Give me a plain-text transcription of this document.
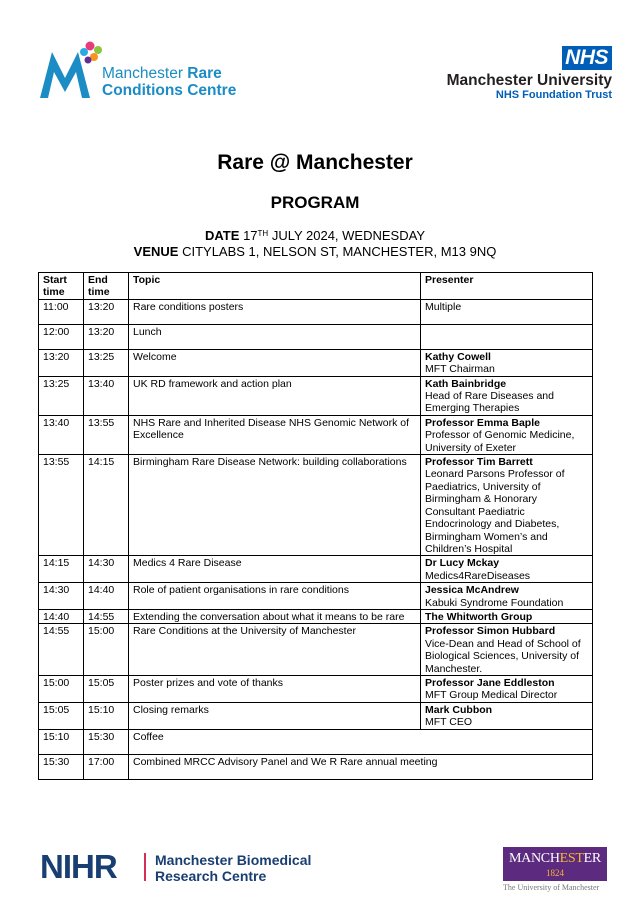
Manchester Rare
Conditions Centre
NHS
Manchester University
NHS Foundation Trust
Rare @ Manchester
PROGRAM
DATE 17TH JULY 2024, WEDNESDAY
VENUE CITYLABS 1, NELSON ST, MANCHESTER, M13 9NQ
Start time	End time	Topic	Presenter
11:00	13:20	Rare conditions posters	Multiple

12:00	13:20	Lunch	
13:20	13:25	Welcome	Kathy Cowell
MFT Chairman

13:25	13:40	UK RD framework and action plan	Kath Bainbridge
Head of Rare Diseases and Emerging Therapies

13:40	13:55	NHS Rare and Inherited Disease NHS Genomic Network of Excellence	Professor Emma Baple
Professor of Genomic Medicine, University of Exeter

13:55	14:15	Birmingham Rare Disease Network: building collaborations	Professor Tim Barrett
Leonard Parsons Professor of Paediatrics, University of Birmingham & Honorary Consultant Paediatric Endocrinology and Diabetes, Birmingham Women’s and Children’s Hospital

14:15	14:30	Medics 4 Rare Disease	Dr Lucy Mckay
Medics4RareDiseases

14:30	14:40	Role of patient organisations in rare conditions	Jessica McAndrew
Kabuki Syndrome Foundation

14:40	14:55	Extending the conversation about what it means to be rare	The Whitworth Group

14:55	15:00	Rare Conditions at the University of Manchester	Professor Simon Hubbard
Vice-Dean and Head of School of Biological Sciences, University of Manchester.

15:00	15:05	Poster prizes and vote of thanks	Professor Jane Eddleston
MFT Group Medical Director

15:05	15:10	Closing remarks	Mark Cubbon
MFT CEO

15:10	15:30	Coffee	
15:30	17:00	Combined MRCC Advisory Panel and We R Rare annual meeting	
NIHR	Manchester Biomedical
Research Centre
MANCHESTER
1824
The University of Manchester
